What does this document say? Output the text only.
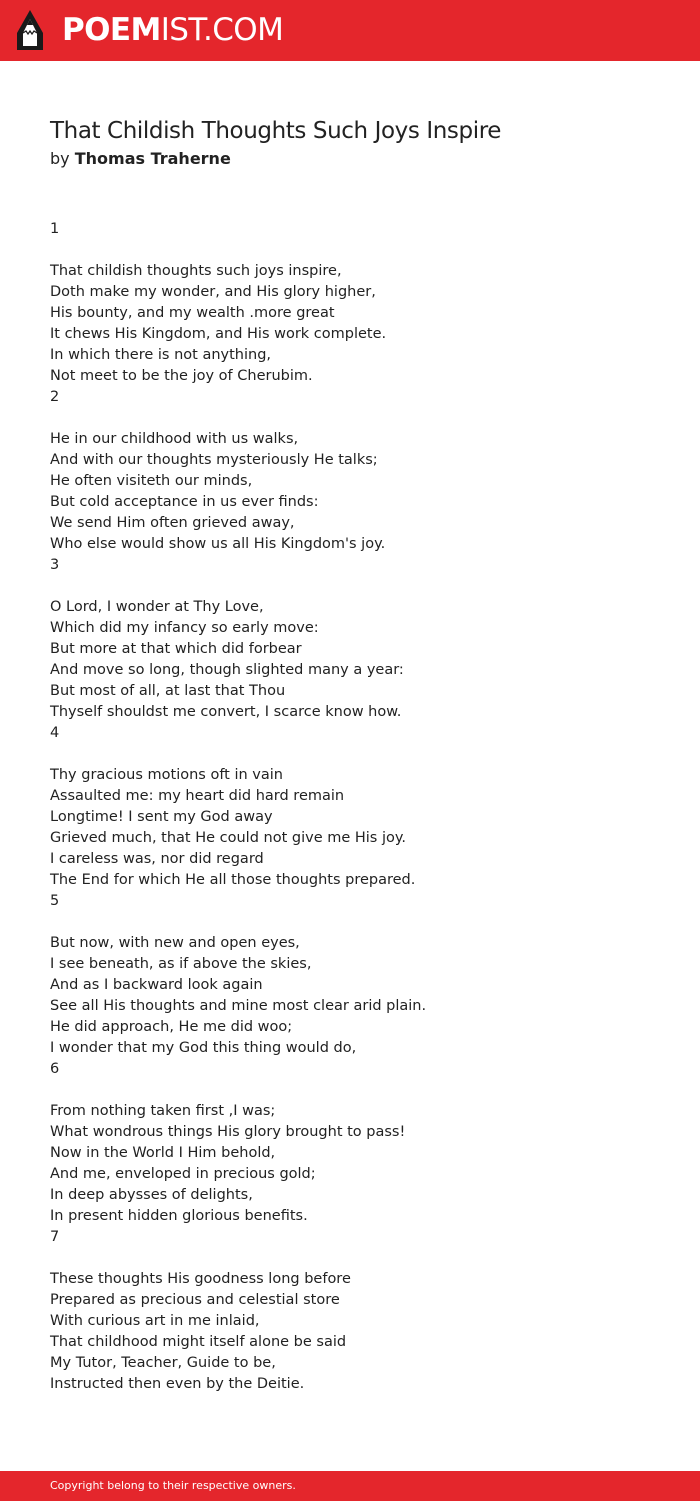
POEMIST.COM
That Childish Thoughts Such Joys Inspire
by Thomas Traherne
1
That childish thoughts such joys inspire,
Doth make my wonder, and His glory higher,
His bounty, and my wealth .more great
It chews His Kingdom, and His work complete.
In which there is not anything,
Not meet to be the joy of Cherubim.
2
He in our childhood with us walks,
And with our thoughts mysteriously He talks;
He often visiteth our minds,
But cold acceptance in us ever finds:
We send Him often grieved away,
Who else would show us all His Kingdom's joy.
3
O Lord, I wonder at Thy Love,
Which did my infancy so early move:
But more at that which did forbear
And move so long, though slighted many a year:
But most of all, at last that Thou
Thyself shouldst me convert, I scarce know how.
4
Thy gracious motions oft in vain
Assaulted me: my heart did hard remain
Longtime! I sent my God away
Grieved much, that He could not give me His joy.
I careless was, nor did regard
The End for which He all those thoughts prepared.
5
But now, with new and open eyes,
I see beneath, as if above the skies,
And as I backward look again
See all His thoughts and mine most clear arid plain.
He did approach, He me did woo;
I wonder that my God this thing would do,
6
From nothing taken first ,I was;
What wondrous things His glory brought to pass!
Now in the World I Him behold,
And me, enveloped in precious gold;
In deep abysses of delights,
In present hidden glorious benefits.
7
These thoughts His goodness long before
Prepared as precious and celestial store
With curious art in me inlaid,
That childhood might itself alone be said
My Tutor, Teacher, Guide to be,
Instructed then even by the Deitie.
Copyright belong to their respective owners.
